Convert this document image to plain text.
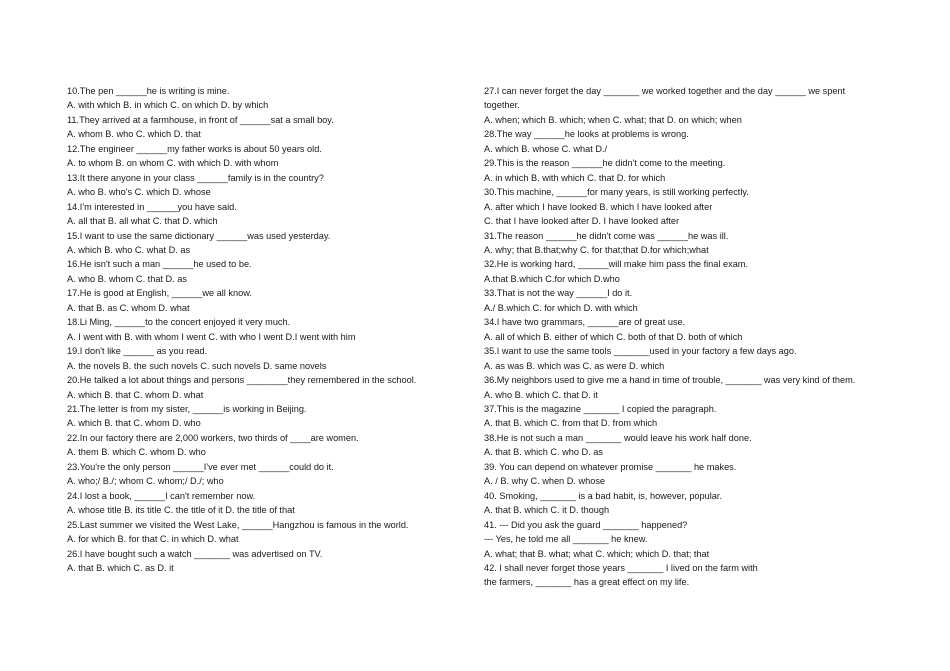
10.The pen ______he is writing is mine.
A. with which B. in which C. on which D. by which
11.They arrived at a farmhouse, in front of ______sat a small boy.
A. whom B. who C. which D. that
12.The engineer ______my father works is about 50 years old.
A. to whom B. on whom C. with which D. with whom
13.It there anyone in your class ______family is in the country?
A. who B. who's C. which D. whose
14.I'm interested in ______you have said.
A. all that B. all what C. that D. which
15.I want to use the same dictionary ______was used yesterday.
A. which B. who C. what D. as
16.He isn't such a man ______he used to be.
A. who B. whom C. that D. as
17.He is good at English, ______we all know.
A. that B. as C. whom D. what
18.Li Ming, ______to the concert enjoyed it very much.
A. I went with B. with whom I went C. with who I went D.I went with him
19.I don't like ______ as you read.
A. the novels B. the such novels C. such novels D. same novels
20.He talked a lot about things and persons ________they remembered in the school.
A. which B. that C. whom D. what
21.The letter is from my sister, ______is working in Beijing.
A. which B. that C. whom D. who
22.In our factory there are 2,000 workers, two thirds of ____are women.
A. them B. which C. whom D. who
23.You're the only person ______I've ever met ______could do it.
A. who;/ B./; whom C. whom;/ D./; who
24.I lost a book, ______I can't remember now.
A. whose title B. its title C. the title of it D. the title of that
25.Last summer we visited the West Lake, ______Hangzhou is famous in the world.
A. for which B. for that C. in which D. what
26.I have bought such a watch _______ was advertised on TV.
A. that B. which C. as D. it
27.I can never forget the day _______ we worked together and the day ______ we spent
together.
A. when; which B. which; when C. what; that D. on which; when
28.The way ______he looks at problems is wrong.
A. which B. whose C. what D./
29.This is the reason ______he didn't come to the meeting.
A. in which B. with which C. that D. for which
30.This machine, ______for many years, is still working perfectly.
A. after which I have looked B. which I have looked after
C. that I have looked after D. I have looked after
31.The reason ______he didn't come was ______he was ill.
A. why; that B.that;why C. for that;that D.for which;what
32.He is working hard, ______will make him pass the final exam.
A.that B.which C.for which D.who
33.That is not the way ______I do it.
A./ B.which C. for which D. with which
34.I have two grammars, ______are of great use.
A. all of which B. either of which C. both of that D. both of which
35.I want to use the same tools _______used in your factory a few days ago.
A. as was B. which was C. as were D. which
36.My neighbors used to give me a hand in time of trouble, _______ was very kind of them.
A. who B. which C. that D. it
37.This is the magazine _______ I copied the paragraph.
A. that B. which C. from that D. from which
38.He is not such a man _______ would leave his work half done.
A. that B. which C. who D. as
39. You can depend on whatever promise _______ he makes.
A. / B. why C. when D. whose
40. Smoking, _______ is a bad habit, is, however, popular.
A. that B. which C. it D. though
41. --- Did you ask the guard _______ happened?
--- Yes, he told me all _______ he knew.
A. what; that B. what; what C. which; which D. that; that
42. I shall never forget those years _______ I lived on the farm with
the farmers, _______ has a great effect on my life.
